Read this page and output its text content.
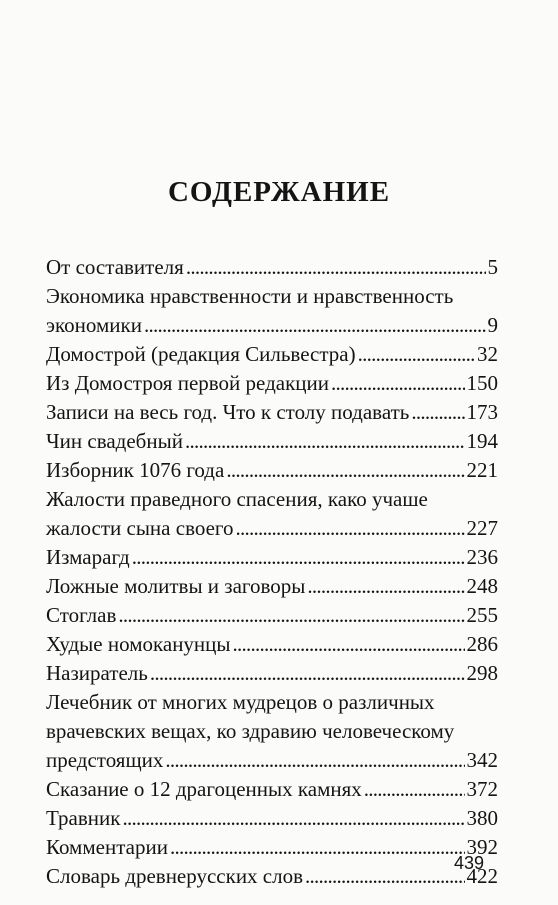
СОДЕРЖАНИЕ
От составителя . . .	5
Экономика нравственности и нравственность
экономики . . .	9
Домострой (редакция Сильвестра) . . .	32
Из Домостроя первой редакции . . .	150
Записи на весь год. Что к столу подавать . . .	173
Чин свадебный . . .	194
Изборник 1076 года . . .	221
Жалости праведного спасения, како учаше
жалости сына своего . . .	227
Измарагд . . .	236
Ложные молитвы и заговоры . . .	248
Стоглав . . .	255
Худые номоканунцы . . .	286
Назиратель . . .	298
Лечебник от многих мудрецов о различных
врачевских вещах, ко здравию человеческому
предстоящих . . .	342
Сказание о 12 драгоценных камнях . . .	372
Травник . . .	380
Комментарии . . .	392
Словарь древнерусских слов . . .	422
439
